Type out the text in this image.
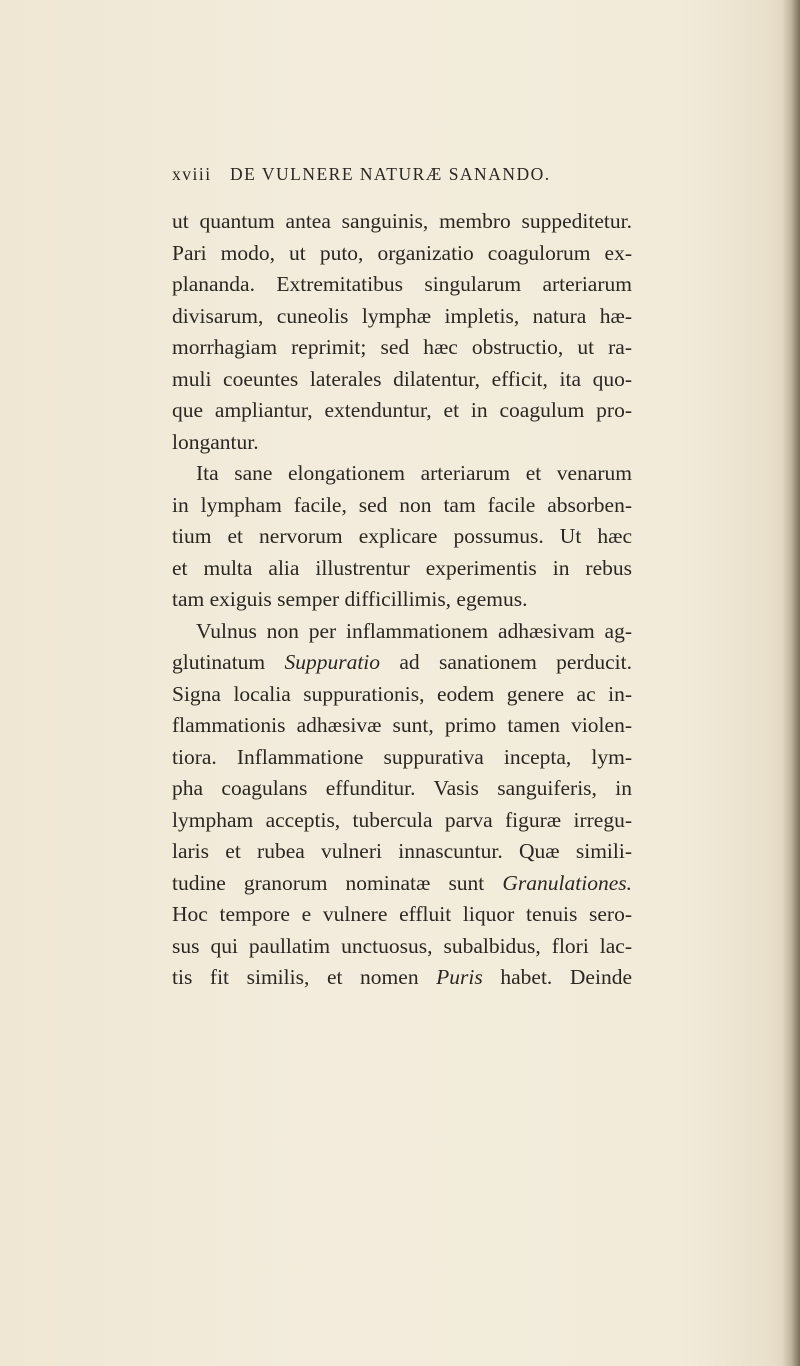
xviii DE VULNERE NATURÆ SANANDO.
ut quantum antea sanguinis, membro suppeditetur.
Pari modo, ut puto, organizatio coagulorum ex-
plananda. Extremitatibus singularum arteriarum
divisarum, cuneolis lymphæ impletis, natura hæ-
morrhagiam reprimit; sed hæc obstructio, ut ra-
muli coeuntes laterales dilatentur, efficit, ita quo-
que ampliantur, extenduntur, et in coagulum pro-
longantur.
Ita sane elongationem arteriarum et venarum
in lympham facile, sed non tam facile absorben-
tium et nervorum explicare possumus. Ut hæc
et multa alia illustrentur experimentis in rebus
tam exiguis semper difficillimis, egemus.
Vulnus non per inflammationem adhæsivam ag-
glutinatum Suppuratio ad sanationem perducit.
Signa localia suppurationis, eodem genere ac in-
flammationis adhæsivæ sunt, primo tamen violen-
tiora. Inflammatione suppurativa incepta, lym-
pha coagulans effunditur. Vasis sanguiferis, in
lympham acceptis, tubercula parva figuræ irregu-
laris et rubea vulneri innascuntur. Quæ simili-
tudine granorum nominatæ sunt Granulationes.
Hoc tempore e vulnere effluit liquor tenuis sero-
sus qui paullatim unctuosus, subalbidus, flori lac-
tis fit similis, et nomen Puris habet. Deinde
